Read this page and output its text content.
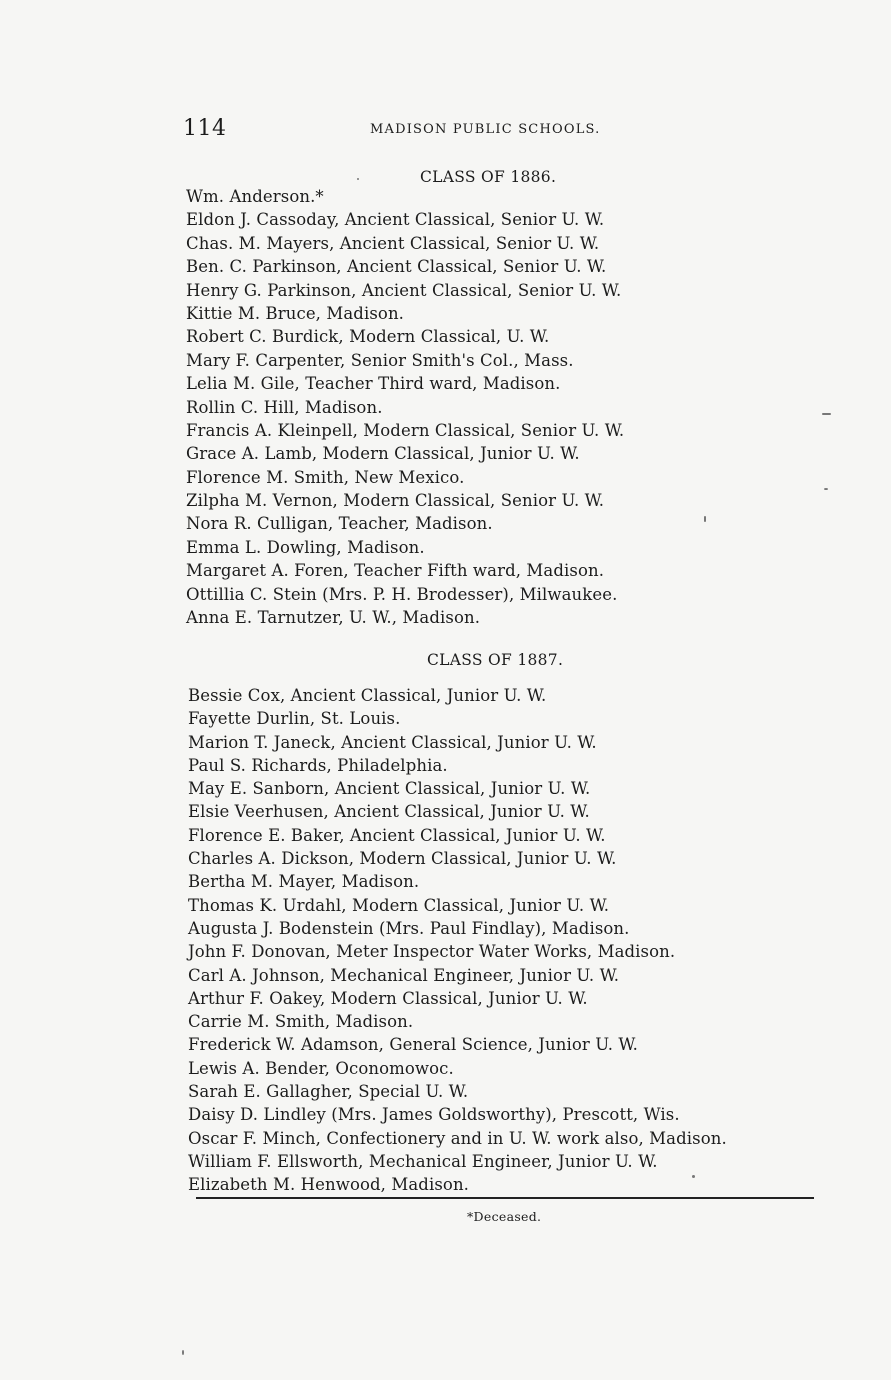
114	MADISON PUBLIC SCHOOLS.
CLASS OF 1886.
Wm. Anderson.*
Eldon J. Cassoday, Ancient Classical, Senior U. W.
Chas. M. Mayers, Ancient Classical, Senior U. W.
Ben. C. Parkinson, Ancient Classical, Senior U. W.
Henry G. Parkinson, Ancient Classical, Senior U. W.
Kittie M. Bruce, Madison.
Robert C. Burdick, Modern Classical, U. W.
Mary F. Carpenter, Senior Smith's Col., Mass.
Lelia M. Gile, Teacher Third ward, Madison.
Rollin C. Hill, Madison.
Francis A. Kleinpell, Modern Classical, Senior U. W.
Grace A. Lamb, Modern Classical, Junior U. W.
Florence M. Smith, New Mexico.
Zilpha M. Vernon, Modern Classical, Senior U. W.
Nora R. Culligan, Teacher, Madison.
Emma L. Dowling, Madison.
Margaret A. Foren, Teacher Fifth ward, Madison.
Ottillia C. Stein (Mrs. P. H. Brodesser), Milwaukee.
Anna E. Tarnutzer, U. W., Madison.
CLASS OF 1887.
Bessie Cox, Ancient Classical, Junior U. W.
Fayette Durlin, St. Louis.
Marion T. Janeck, Ancient Classical, Junior U. W.
Paul S. Richards, Philadelphia.
May E. Sanborn, Ancient Classical, Junior U. W.
Elsie Veerhusen, Ancient Classical, Junior U. W.
Florence E. Baker, Ancient Classical, Junior U. W.
Charles A. Dickson, Modern Classical, Junior U. W.
Bertha M. Mayer, Madison.
Thomas K. Urdahl, Modern Classical, Junior U. W.
Augusta J. Bodenstein (Mrs. Paul Findlay), Madison.
John F. Donovan, Meter Inspector Water Works, Madison.
Carl A. Johnson, Mechanical Engineer, Junior U. W.
Arthur F. Oakey, Modern Classical, Junior U. W.
Carrie M. Smith, Madison.
Frederick W. Adamson, General Science, Junior U. W.
Lewis A. Bender, Oconomowoc.
Sarah E. Gallagher, Special U. W.
Daisy D. Lindley (Mrs. James Goldsworthy), Prescott, Wis.
Oscar F. Minch, Confectionery and in U. W. work also, Madison.
William F. Ellsworth, Mechanical Engineer, Junior U. W.
Elizabeth M. Henwood, Madison.
*Deceased.
